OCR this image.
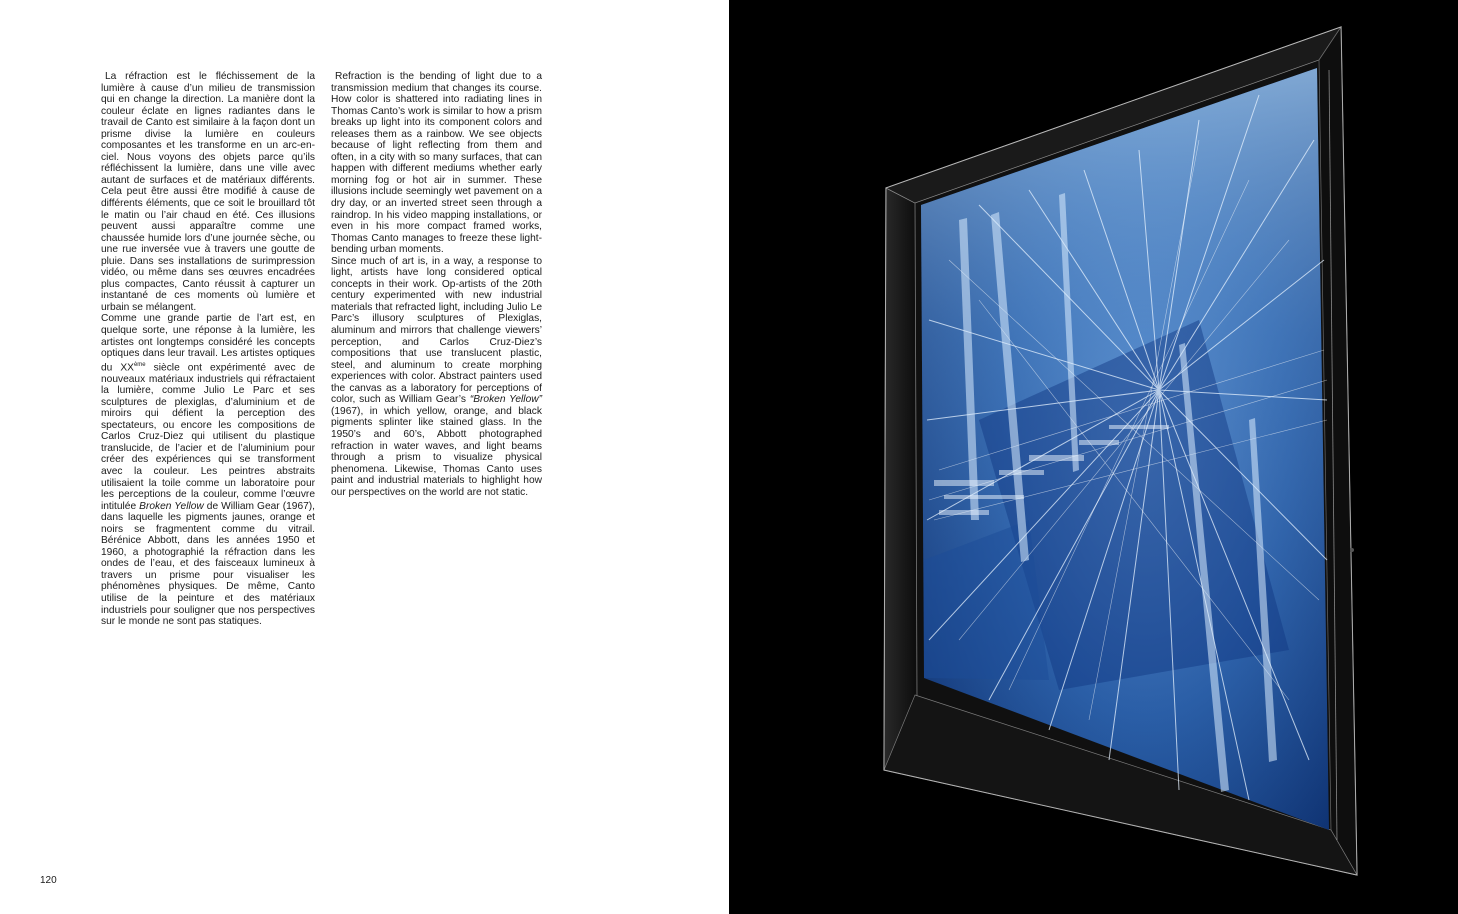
La réfraction est le fléchissement de la lumière à cause d’un milieu de transmission qui en change la direction. La manière dont la couleur éclate en lignes radiantes dans le travail de Canto est similaire à la façon dont un prisme divise la lumière en couleurs composantes et les transforme en un arc-en-ciel. Nous voyons des objets parce qu’ils réfléchissent la lumière, dans une ville avec autant de surfaces et de matériaux différents. Cela peut être aussi être modifié à cause de différents éléments, que ce soit le brouillard tôt le matin ou l’air chaud en été. Ces illusions peuvent aussi apparaître comme une chaussée humide lors d’une journée sèche, ou une rue inversée vue à travers une goutte de pluie. Dans ses installations de surimpression vidéo, ou même dans ses œuvres encadrées plus compactes, Canto réussit à capturer un instantané de ces moments où lumière et urbain se mélangent.

Comme une grande partie de l’art est, en quelque sorte, une réponse à la lumière, les artistes ont longtemps considéré les concepts optiques dans leur travail. Les artistes optiques du XXème siècle ont expérimenté avec de nouveaux matériaux industriels qui réfractaient la lumière, comme Julio Le Parc et ses sculptures de plexiglas, d’aluminium et de miroirs qui défient la perception des spectateurs, ou encore les compositions de Carlos Cruz-Diez qui utilisent du plastique translucide, de l’acier et de l’aluminium pour créer des expériences qui se transforment avec la couleur. Les peintres abstraits utilisaient la toile comme un laboratoire pour les perceptions de la couleur, comme l’œuvre intitulée Broken Yellow de William Gear (1967), dans laquelle les pigments jaunes, orange et noirs se fragmentent comme du vitrail. Bérénice Abbott, dans les années 1950 et 1960, a photographié la réfraction dans les ondes de l’eau, et des faisceaux lumineux à travers un prisme pour visualiser les phénomènes physiques. De même, Canto utilise de la peinture et des matériaux industriels pour souligner que nos perspectives sur le monde ne sont pas statiques.

Refraction is the bending of light due to a transmission medium that changes its course. How color is shattered into radiating lines in Thomas Canto’s work is similar to how a prism breaks up light into its component colors and releases them as a rainbow. We see objects because of light reflecting from them and often, in a city with so many surfaces, that can happen with different mediums whether early morning fog or hot air in summer. These illusions include seemingly wet pavement on a dry day, or an inverted street seen through a raindrop. In his video mapping installations, or even in his more compact framed works, Thomas Canto manages to freeze these light-bending urban moments.

Since much of art is, in a way, a response to light, artists have long considered optical concepts in their work. Op-artists of the 20th century experimented with new industrial materials that refracted light, including Julio Le Parc’s illusory sculptures of Plexiglas, aluminum and mirrors that challenge viewers’ perception, and Carlos Cruz-Diez’s compositions that use translucent plastic, steel, and aluminum to create morphing experiences with color. Abstract painters used the canvas as a laboratory for perceptions of color, such as William Gear’s “Broken Yellow” (1967), in which yellow, orange, and black pigments splinter like stained glass. In the 1950’s and 60’s, Abbott photographed refraction in water waves, and light beams through a prism to visualize physical phenomena. Likewise, Thomas Canto uses paint and industrial materials to highlight how our perspectives on the world are not static.

120
